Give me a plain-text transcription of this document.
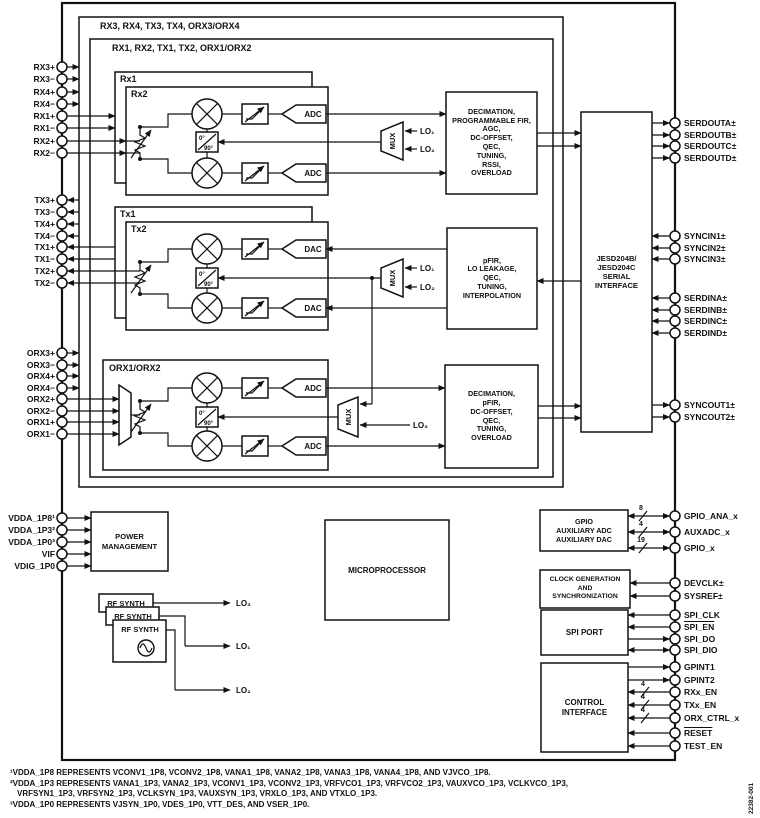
ADC
ADC
DAC
DAC
ADC
ADC
MUX
MUX
MUX
0°
90°
0°
90°
0°
90°
LO₁
LO₂
LO₁
LO₂
LO₃
LO₃
LO₁
LO₂
RF SYNTH
RF SYNTH
RF SYNTH
22382-001
8
4
19
4
4
4
RX3, RX4, TX3, TX4, ORX3/ORX4
RX1, RX2, TX1, TX2, ORX1/ORX2
Rx1
Rx2
Tx1
Tx2
ORX1/ORX2
DECIMATION,
PROGRAMMABLE FIR,
AGC,
DC-OFFSET,
QEC,
TUNING,
RSSI,
OVERLOAD
pFIR,
LO LEAKAGE,
QEC,
TUNING,
INTERPOLATION
DECIMATION,
pFIR,
DC-OFFSET,
QEC,
TUNING,
OVERLOAD
JESD204B/
JESD204C
SERIAL
INTERFACE
POWER
MANAGEMENT
MICROPROCESSOR
GPIO
AUXILIARY ADC
AUXILIARY DAC
CLOCK GENERATION
AND
SYNCHRONIZATION
SPI PORT
CONTROL
INTERFACE
¹VDDA_1P8 REPRESENTS VCONV1_1P8, VCONV2_1P8, VANA1_1P8, VANA2_1P8, VANA3_1P8, VANA4_1P8, AND VJVCO_1P8.
²VDDA_1P3 REPRESENTS VANA1_1P3, VANA2_1P3, VCONV1_1P3, VCONV2_1P3, VRFVCO1_1P3, VRFVCO2_1P3, VAUXVCO_1P3, VCLKVCO_1P3,
VRFSYN1_1P3, VRFSYN2_1P3, VCLKSYN_1P3, VAUXSYN_1P3, VRXLO_1P3, AND VTXLO_1P3.
³VDDA_1P0 REPRESENTS VJSYN_1P0, VDES_1P0, VTT_DES, AND VSER_1P0.
RX3+
RX3−
RX4+
RX4−
RX1+
RX1−
RX2+
RX2−
TX3+
TX3−
TX4+
TX4−
TX1+
TX1−
TX2+
TX2−
ORX3+
ORX3−
ORX4+
ORX4−
ORX2+
ORX2−
ORX1+
ORX1−
VDDA_1P8¹
VDDA_1P3²
VDDA_1P0³
VIF
VDIG_1P0
SERDOUTA±
SERDOUTB±
SERDOUTC±
SERDOUTD±
SYNCIN1±
SYNCIN2±
SYNCIN3±
SERDINA±
SERDINB±
SERDINC±
SERDIND±
SYNCOUT1±
SYNCOUT2±
GPIO_ANA_x
AUXADC_x
GPIO_x
DEVCLK±
SYSREF±
SPI_CLK
SPI_EN
SPI_DO
SPI_DIO
GPINT1
GPINT2
RXx_EN
TXx_EN
ORX_CTRL_x
RESET
TEST_EN
